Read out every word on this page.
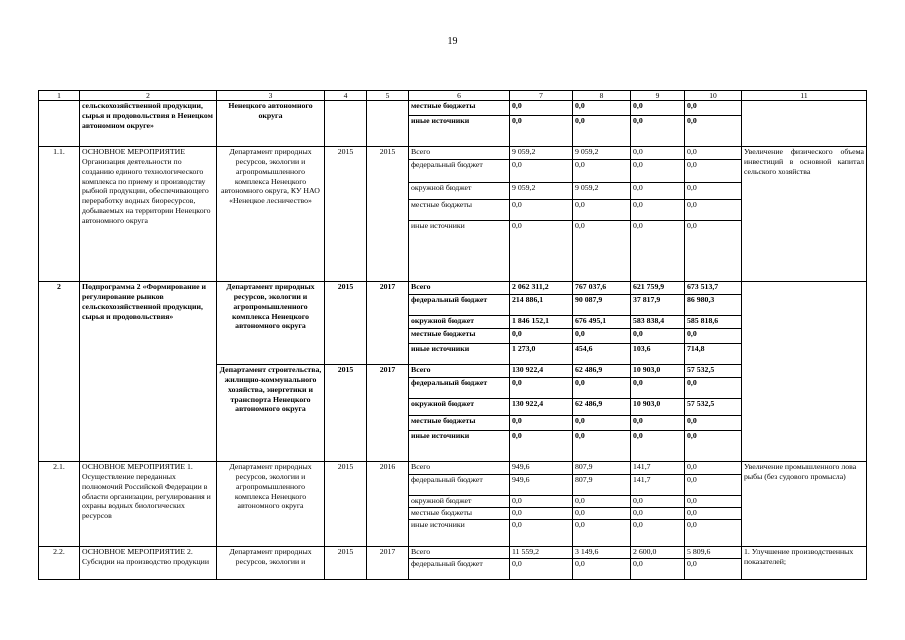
19
1	2	3	4	5	6	7	8	9	10	11
	сельскохозяйственной продукции, сырья и продовольствия в Ненецком автономном округе»	Ненецкого автономного округа			местные бюджеты	0,0	0,0	0,0	0,0	
					иные источники	0,0	0,0	0,0	0,0	
1.1.	ОСНОВНОЕ МЕРОПРИЯТИЕ Организация деятельности по созданию единого технологического комплекса по приему и производству рыбной продукции, обеспечивающего переработку водных биоресурсов, добываемых на территории Ненецкого автономного округа	Департамент природных ресурсов, экологии и агропромышленного комплекса Ненецкого автономного округа, КУ НАО «Ненецкое лесничество»	2015	2015	Всего	9 059,2	9 059,2	0,0	0,0	Увеличение физического объема инвестиций в основной капитал сельского хозяйства
					федеральный бюджет	0,0	0,0	0,0	0,0	
					окружной бюджет	9 059,2	9 059,2	0,0	0,0	
					местные бюджеты	0,0	0,0	0,0	0,0	
					иные источники	0,0	0,0	0,0	0,0	
2	Подпрограмма 2 «Формирование и регулирование рынков сельскохозяйственной продукции, сырья и продовольствия»	Департамент природных ресурсов, экологии и агропромышленного комплекса Ненецкого автономного округа	2015	2017	Всего	2 062 311,2	767 037,6	621 759,9	673 513,7	
					федеральный бюджет	214 886,1	90 087,9	37 817,9	86 980,3	
					окружной бюджет	1 846 152,1	676 495,1	583 838,4	585 818,6	
					местные бюджеты	0,0	0,0	0,0	0,0	
					иные источники	1 273,0	454,6	103,6	714,8	
		Департамент строительства, жилищно-коммунального хозяйства, энергетики и транспорта Ненецкого автономного округа	2015	2017	Всего	130 922,4	62 486,9	10 903,0	57 532,5	
					федеральный бюджет	0,0	0,0	0,0	0,0	
					окружной бюджет	130 922,4	62 486,9	10 903,0	57 532,5	
					местные бюджеты	0,0	0,0	0,0	0,0	
					иные источники	0,0	0,0	0,0	0,0	
2.1.	ОСНОВНОЕ МЕРОПРИЯТИЕ 1. Осуществление переданных полномочий Российской Федерации в области организации, регулирования и охраны водных биологических ресурсов	Департамент природных ресурсов, экологии и агропромышленного комплекса Ненецкого автономного округа	2015	2016	Всего	949,6	807,9	141,7	0,0	Увеличение промышленного лова рыбы (без судового промысла)
					федеральный бюджет	949,6	807,9	141,7	0,0	
					окружной бюджет	0,0	0,0	0,0	0,0	
					местные бюджеты	0,0	0,0	0,0	0,0	
					иные источники	0,0	0,0	0,0	0,0	
2.2.	ОСНОВНОЕ МЕРОПРИЯТИЕ 2. Субсидии на производство продукции	Департамент природных ресурсов, экологии и	2015	2017	Всего	11 559,2	3 149,6	2 600,0	5 809,6	1. Улучшение производственных показателей;
					федеральный бюджет	0,0	0,0	0,0	0,0	
